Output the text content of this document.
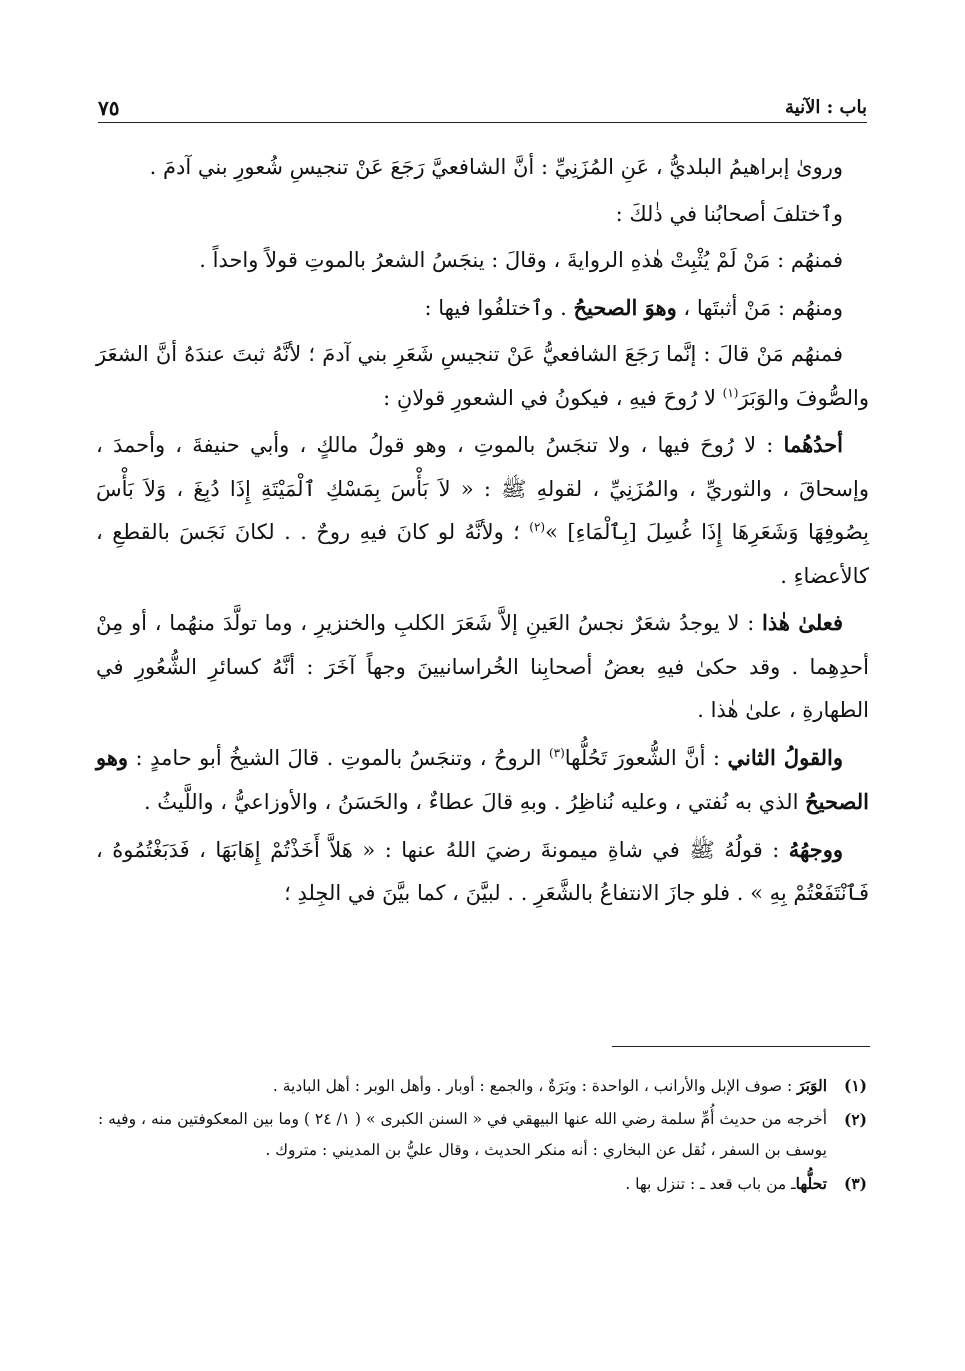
باب : الآنية
٧٥

وروىٰ إبراهيمُ البلديُّ ، عَنِ المُزَنِيِّ : أنَّ الشافعيَّ رَجَعَ عَنْ تنجيسِ شُعورِ بني آدمَ .

وٱختلفَ أصحابُنا في ذٰلكَ :

فمنهُم : مَنْ لَمْ يُثْبِتْ هٰذهِ الروايةَ ، وقالَ : ينجَسُ الشعرُ بالموتِ قولاً واحداً .

ومنهُم : مَنْ أثبتَها ، وهوَ الصحيحُ . وٱختلفُوا فيها :

فمنهُم مَنْ قالَ : إنَّما رَجَعَ الشافعيُّ عَنْ تنجيسِ شَعَرِ بني آدمَ ؛ لأنَّهُ ثبتَ عندَهُ أنَّ الشعَرَ والصُّوفَ والوَبَرَ$^{(١)}$ لا رُوحَ فيهِ ، فيكونُ في الشعورِ قولانِ :

أحدُهُما : لا رُوحَ فيها ، ولا تنجَسُ بالموتِ ، وهو قولُ مالكٍ ، وأبي حنيفةَ ، وأحمدَ ، وإسحاقَ ، والثوريِّ ، والمُزَنِيِّ ، لقولهِ ﷺ : « لاَ بَأْسَ بِمَسْكِ ٱلْمَيْتَةِ إِذَا دُبِغَ ، وَلاَ بَأْسَ بِصُوفِهَا وَشَعَرِهَا إِذَا غُسِلَ [بِٱلْمَاءِ] »$^{(٢)}$ ؛ ولأنَّهُ لو كانَ فيهِ روحٌ . . لكانَ نَجَسَ بالقطعِ ، كالأعضاءِ .

فعلىٰ هٰذا : لا يوجدُ شعَرٌ نجسُ العَينِ إلاَّ شَعَرَ الكلبِ والخنزيرِ ، وما تولَّدَ منهُما ، أو مِنْ أحدِهِما . وقد حكىٰ فيهِ بعضُ أصحابِنا الخُراسانيينَ وجهاً آخَرَ : أنَّهُ كسائرِ الشُّعُورِ في الطهارةِ ، علىٰ هٰذا .

والقولُ الثاني : أنَّ الشُّعورَ تَحُلُّها$^{(٣)}$ الروحُ ، وتنجَسُ بالموتِ . قالَ الشيخُ أبو حامدٍ : وهو الصحيحُ الذي به نُفتي ، وعليه نُناظِرُ . وبهِ قالَ عطاءٌ ، والحَسَنُ ، والأوزاعيُّ ، واللَّيثُ .

ووجهُهُ : قولُهُ ﷺ في شاةِ ميمونةَ رضيَ اللهُ عنها : « هَلاَّ أَخَذْتُمْ إِهَابَهَا ، فَدَبَغْتُمُوهُ ، فَٱنْتَفَعْتُمْ بِهِ » . فلو جازَ الانتفاعُ بالشَّعَرِ . . لبيَّنَ ، كما بيَّنَ في الجِلدِ ؛

(١)
الوَبَرَ : صوف الإبل والأرانب ، الواحدة : وبَرَةٌ ، والجمع : أوبار . وأهل الوبر : أهل البادية .
(٢)
أخرجه من حديث أُمِّ سلمة رضي الله عنها البيهقي في « السنن الكبرى » ( ١/ ٢٤ ) وما بين المعكوفتين منه ، وفيه : يوسف بن السفر ، نُقل عن البخاري : أنه منكر الحديث ، وقال عليُّ بن المديني : متروك .
(٣)
تحلُّهاـ من باب قعد ـ : تنزل بها .
